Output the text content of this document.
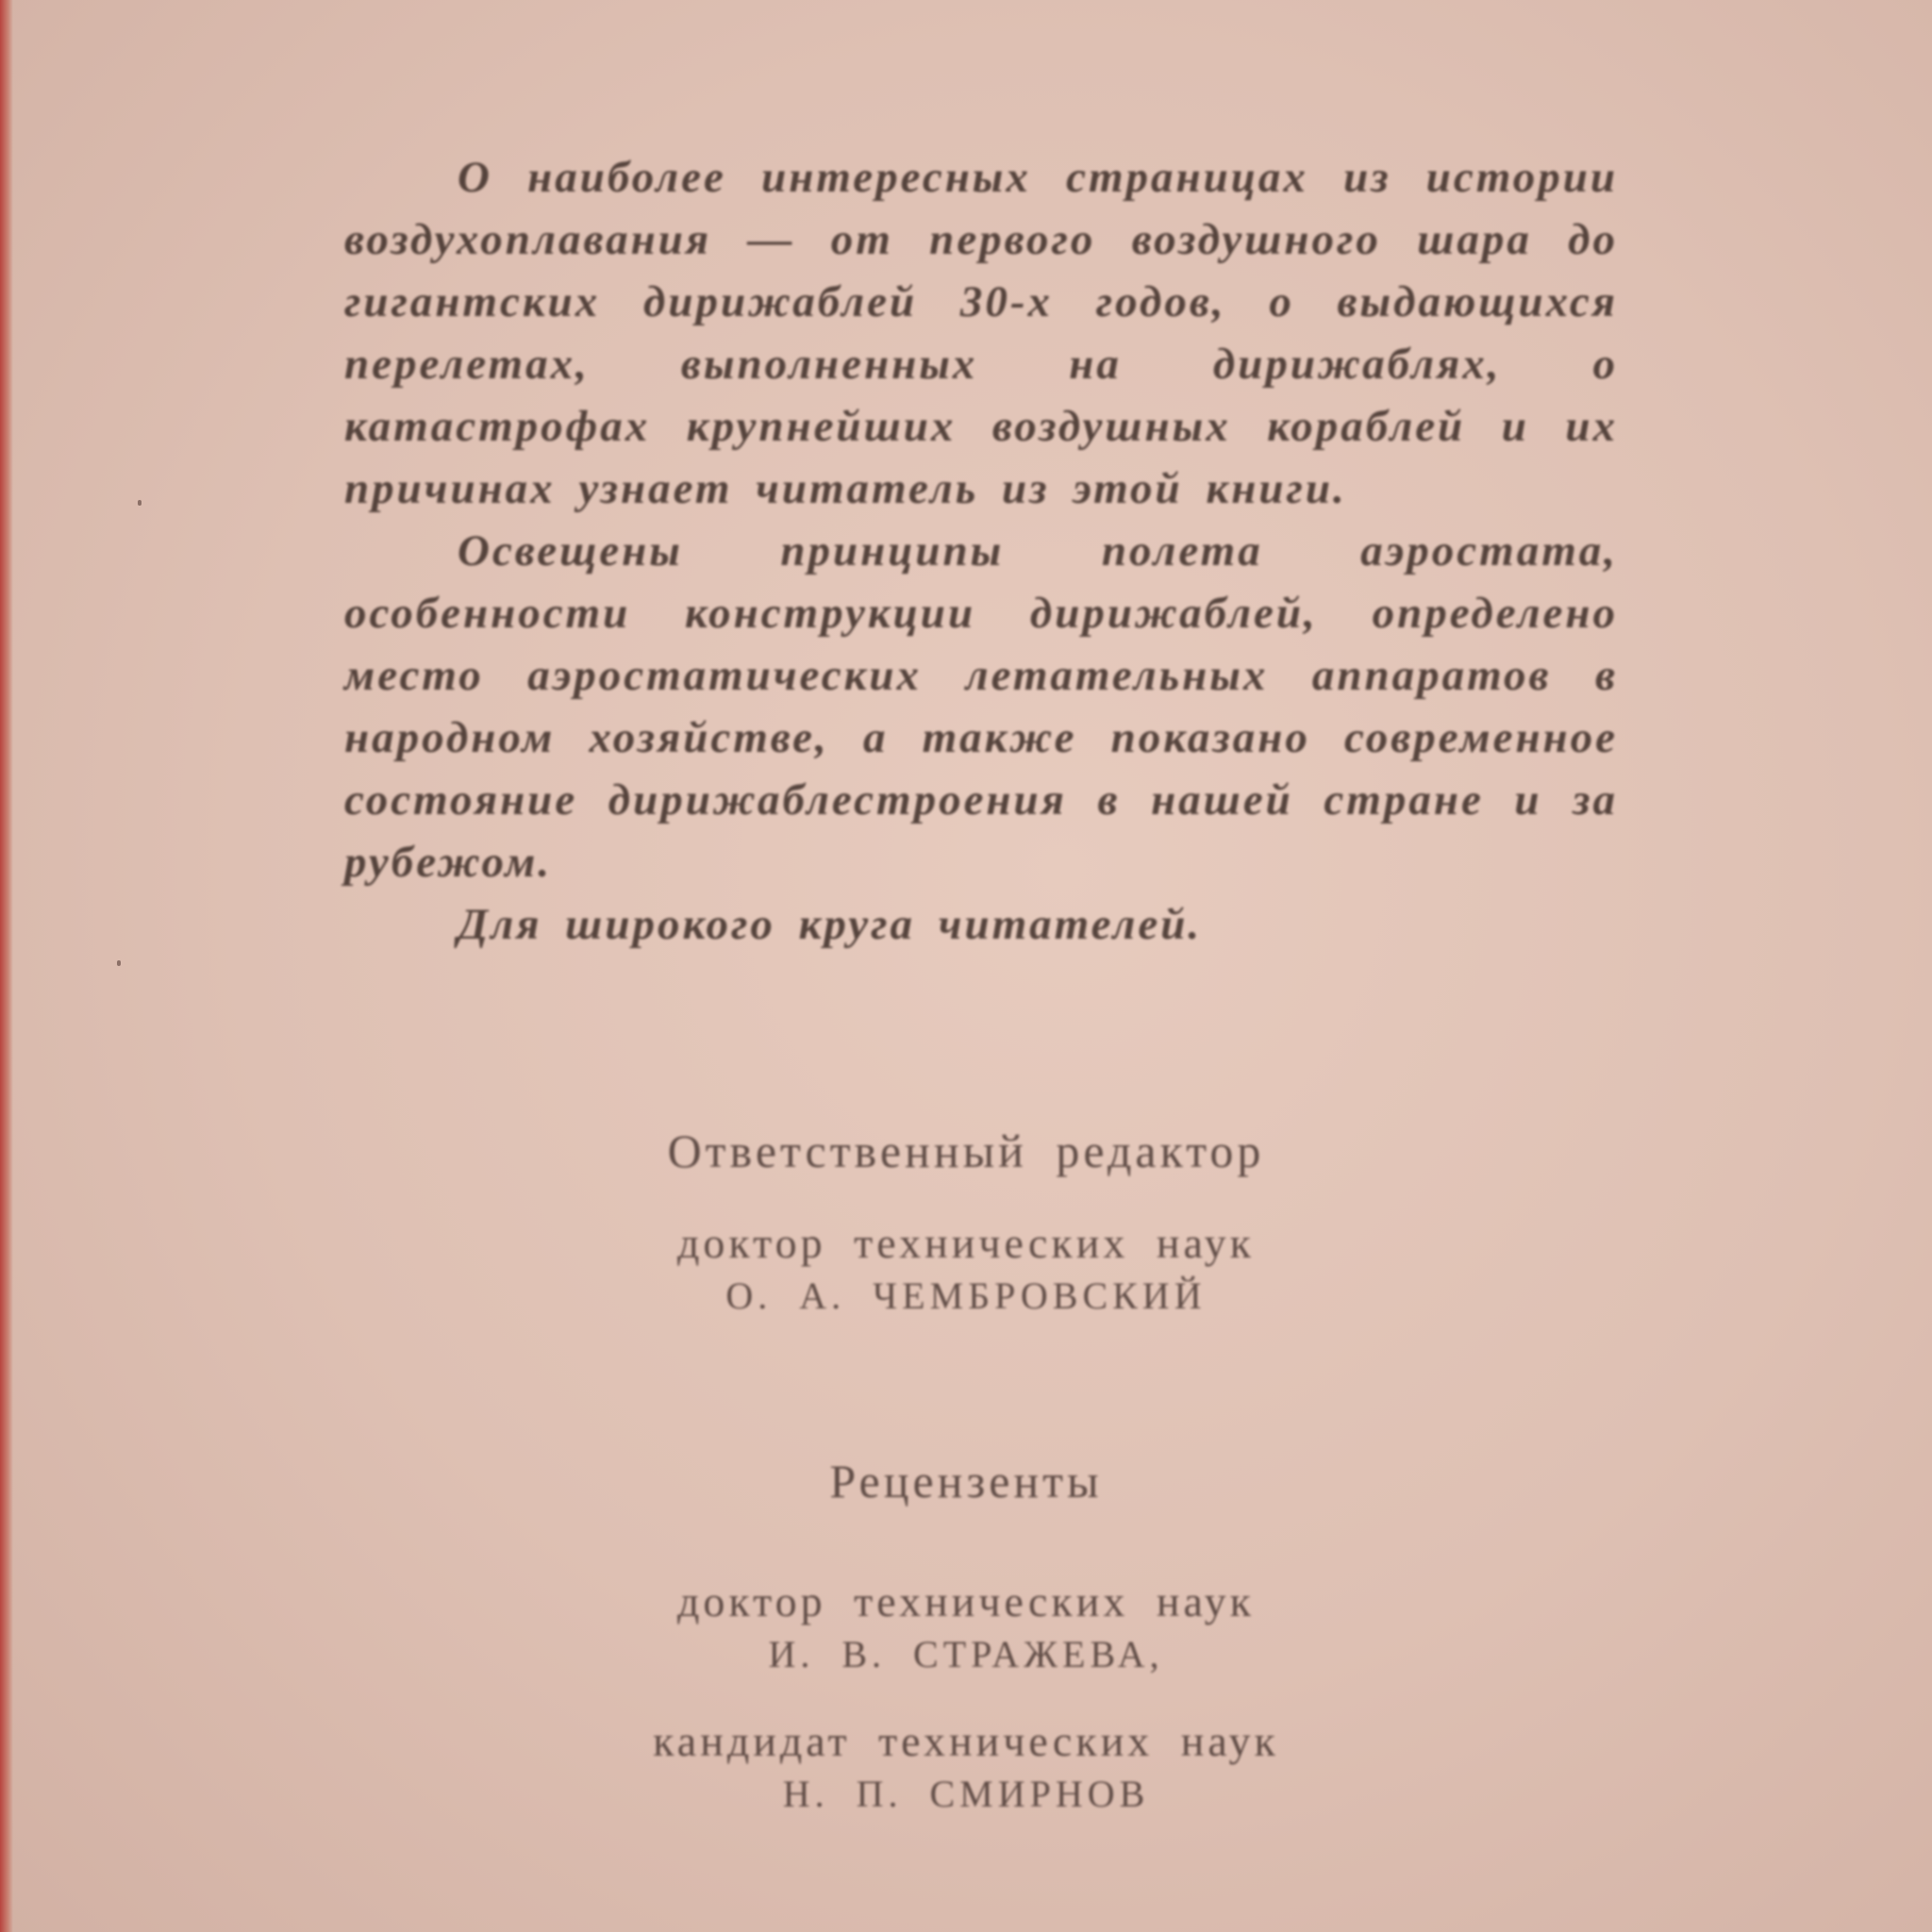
О наиболее интересных страницах из истории воздухоплавания — от первого воздушного шара до гигантских дирижаблей 30-х годов, о выдающихся перелетах, выполненных на дирижаблях, о катастрофах крупнейших воздушных кораблей и их причинах узнает читатель из этой книги.

Освещены принципы полета аэростата, особенности конструкции дирижаблей, определено место аэростатических летательных аппаратов в народном хозяйстве, а также показано современное состояние дирижаблестроения в нашей стране и за рубежом.

Для широкого круга читателей.

Ответственный редактор
доктор технических наук
О. А. ЧЕМБРОВСКИЙ
Рецензенты
доктор технических наук
И. В. СТРАЖЕВА,
кандидат технических наук
Н. П. СМИРНОВ
